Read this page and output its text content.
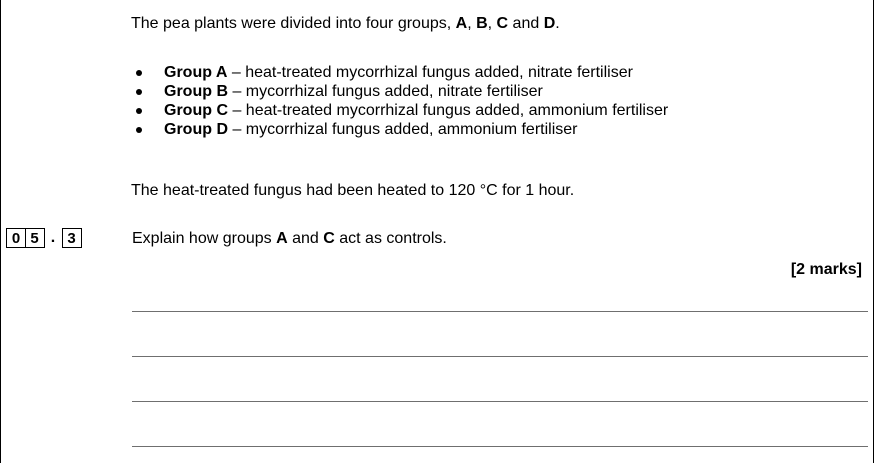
The pea plants were divided into four groups, A, B, C and D.

Group A – heat-treated mycorrhizal fungus added, nitrate fertiliser
Group B – mycorrhizal fungus added, nitrate fertiliser
Group C – heat-treated mycorrhizal fungus added, ammonium fertiliser
Group D – mycorrhizal fungus added, ammonium fertiliser

The heat-treated fungus had been heated to 120 °C for 1 hour.

0 5 . 3	Explain how groups A and C act as controls.

[2 marks]
